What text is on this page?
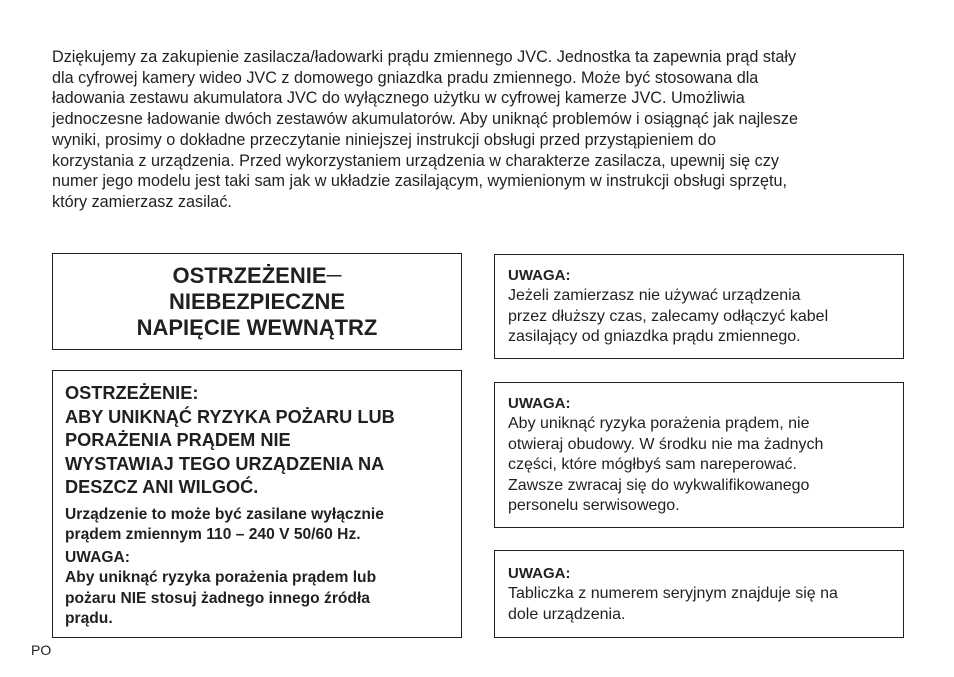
Dziękujemy za zakupienie zasilacza/ładowarki prądu zmiennego JVC. Jednostka ta zapewnia prąd stały

dla cyfrowej kamery wideo JVC z domowego gniazdka pradu zmiennego. Może być stosowana dla

ładowania zestawu akumulatora JVC do wyłącznego użytku w cyfrowej kamerze JVC. Umożliwia

jednoczesne ładowanie dwóch zestawów akumulatorów. Aby uniknąć problemów i osiągnąć jak najlesze

wyniki, prosimy o dokładne przeczytanie niniejszej instrukcji obsługi przed przystąpieniem do

korzystania z urządzenia. Przed wykorzystaniem urządzenia w charakterze zasilacza, upewnij się czy

numer jego modelu jest taki sam jak w układzie zasilającym, wymienionym w instrukcji obsługi sprzętu,

który zamierzasz zasilać.

OSTRZEŻENIE—
NIEBEZPIECZNE
NAPIĘCIE WEWNĄTRZ

OSTRZEŻENIE:

ABY UNIKNĄĆ RYZYKA POŻARU LUB

PORAŻENIA PRĄDEM NIE

WYSTAWIAJ TEGO URZĄDZENIA NA

DESZCZ ANI WILGOĆ.

Urządzenie to może być zasilane wyłącznie

prądem zmiennym 110 – 240 V 50/60 Hz.

UWAGA:

Aby uniknąć ryzyka porażenia prądem lub

pożaru NIE stosuj żadnego innego źródła

prądu.

UWAGA:

Jeżeli zamierzasz nie używać urządzenia

przez dłuższy czas, zalecamy odłączyć kabel

zasilający od gniazdka prądu zmiennego.

UWAGA:

Aby uniknąć ryzyka porażenia prądem, nie

otwieraj obudowy. W środku nie ma żadnych

części, które mógłbyś sam nareperować.

Zawsze zwracaj się do wykwalifikowanego

personelu serwisowego.

UWAGA:

Tabliczka z numerem seryjnym znajduje się na

dole urządzenia.

PO
